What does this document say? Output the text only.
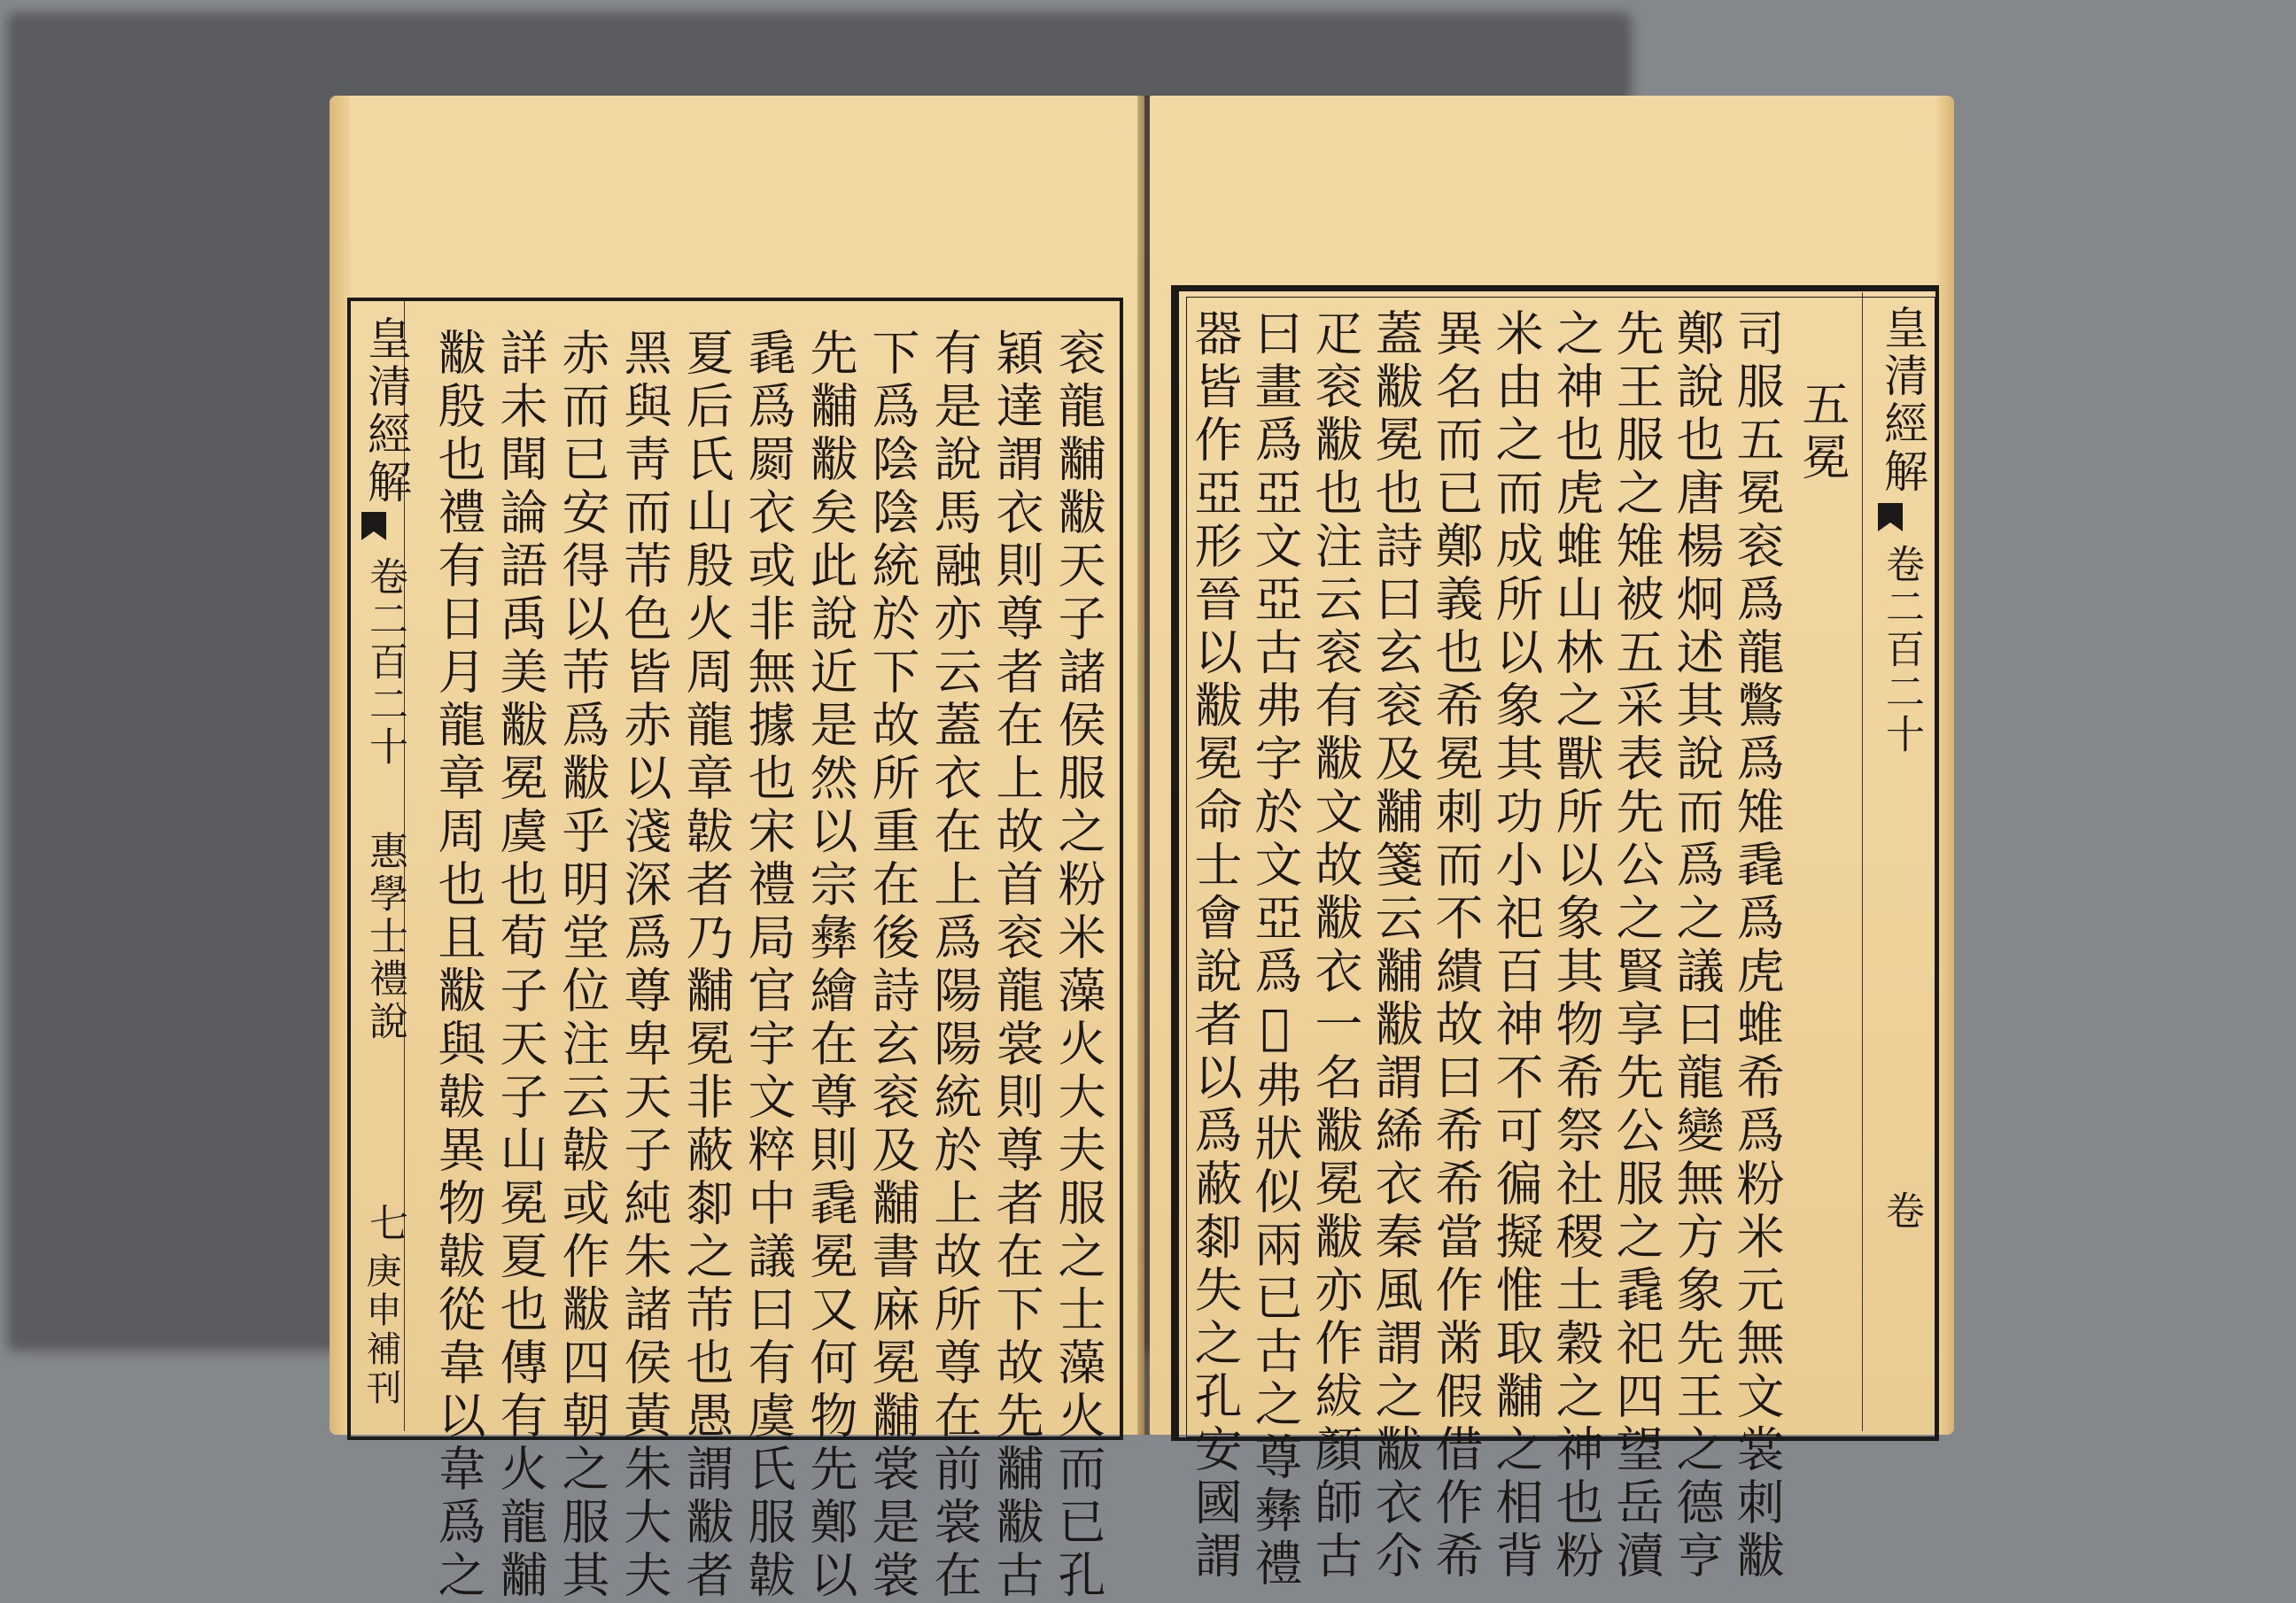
皇清經解
卷二百二十
惠學士禮說
七
庚申補刊	衮龍黼黻天子諸侯服之粉米藻火大夫服之士藻火而已孔
穎達謂衣則尊者在上故首衮龍裳則尊者在下故先黼黻古
有是說馬融亦云蓋衣在上爲陽陽統於上故所尊在前裳在
下爲陰陰統於下故所重在後詩玄衮及黼書麻冕黼裳是裳
先黼黻矣此說近是然以宗彝繪在尊則毳冕又何物先鄭以
毳爲罽衣或非無據也宋禮局官宇文粹中議曰有虞氏服韍
夏后氏山殷火周龍章韍者乃黼冕非蔽厀之芾也愚謂黻者
黑與靑而芾色皆赤以淺深爲尊卑天子純朱諸侯黃朱大夫
赤而已安得以芾爲黻乎明堂位注云韍或作黻四朝之服其
詳未聞論語禹美黻冕虞也荀子天子山冕夏也傳有火龍黼
黻殷也禮有日月龍章周也且黻與韍異物韍從韋以韋爲之	皇清經解
卷二百二十
卷
五冕
司服五冕衮爲龍鷩爲雉毳爲虎蜼希爲粉米元無文裳刺黻
鄭說也唐楊炯述其說而爲之議曰龍變無方象先王之德亨
先王服之雉被五采表先公之賢享先公服之毳祀四望岳瀆
之神也虎蜼山林之獸所以象其物希祭社稷土穀之神也粉
米由之而成所以象其功小祀百神不可徧擬惟取黼之相背
異名而已鄭義也希冕刺而不繢故曰希希當作黹假借作希
蓋黻冕也詩曰玄衮及黼箋云黼黻謂絺衣秦風謂之黻衣尒
疋衮黻也注云衮有黻文故黻衣一名黻冕黻亦作紱顏師古
曰畫爲亞文亞古弗字於文亞爲𢀻弗狀似兩已古之尊彝禮
器皆作亞形晉以黻冕命士會說者以爲蔽厀失之孔安國謂
